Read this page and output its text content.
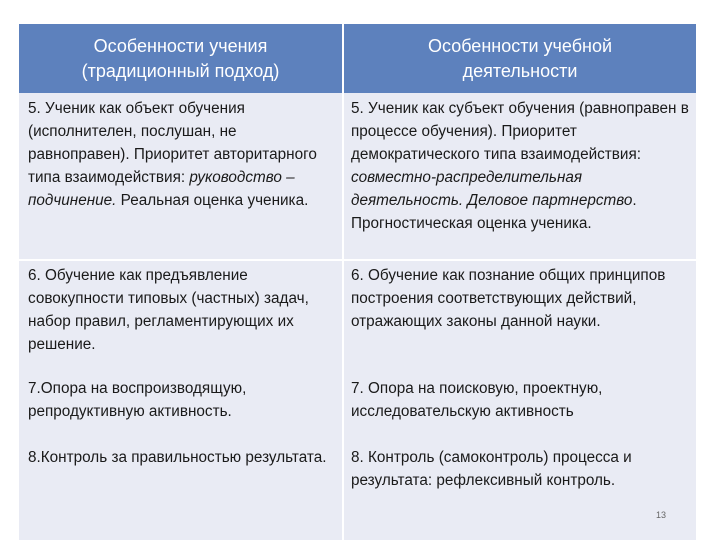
Особенности учения
(традиционный подход)
Особенности учебной
деятельности

5. Ученик как объект обучения (исполнителен, послушан, не равноправен). Приоритет авторитарного типа взаимодействия: руководство – подчинение. Реальная оценка ученика.

5. Ученик как субъект обучения (равноправен в процессе обучения). Приоритет демократического типа взаимодействия: совместно-распределительная деятельность. Деловое партнерство. Прогностическая оценка ученика.

6. Обучение как предъявление совокупности типовых (частных) задач, набор правил, регламентирующих их решение.
6. Обучение как познание общих принципов построения соответствующих действий, отражающих законы данной науки.
7.Опора на воспроизводящую, репродуктивную активность.
7. Опора на поисковую, проектную, исследовательскую активность
8.Контроль за правильностью результата.	8. Контроль (самоконтроль) процесса и результата: рефлексивный контроль.
13
